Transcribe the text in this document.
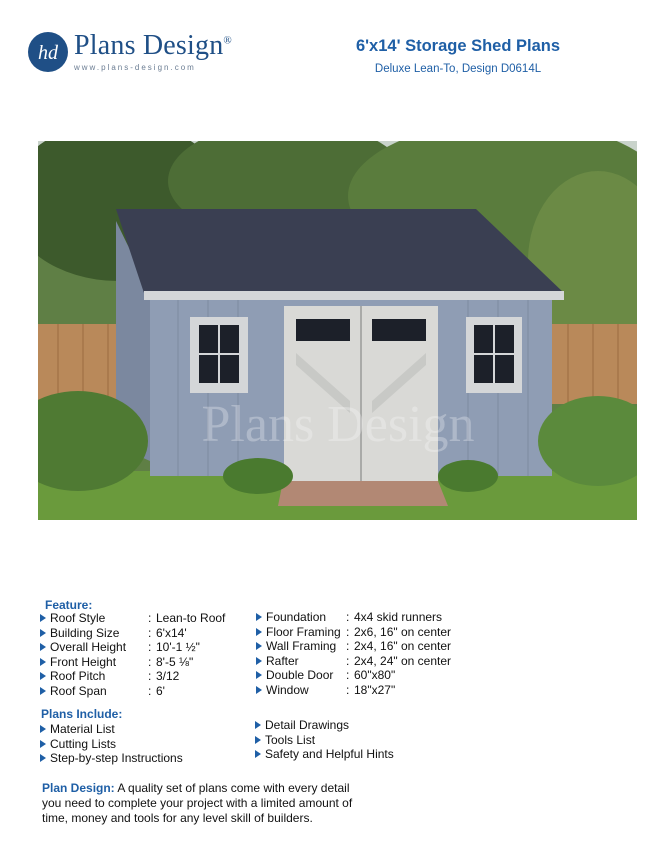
hd Plans Design®
www.plans-design.com
6'x14' Storage Shed Plans
Deluxe Lean-To, Design D0614L
Plans Design
Feature:
Roof Style	: Lean-to Roof
Building Size : 6'x14'
Overall Height : 10'-1 ½"
Front Height	: 8'-5 ⅛"
Roof Pitch	: 3/12
Roof Span	: 6'
Foundation : 4x4 skid runners
Floor Framing : 2x6, 16" on center
Wall Framing : 2x4, 16" on center
Rafter	: 2x4, 24" on center
Double Door : 60"x80"
Window	: 18"x27"
Plans Include:
Material List
Cutting Lists
Step-by-step Instructions
Detail Drawings
Tools List
Safety and Helpful Hints
Plan Design: A quality set of plans come with every detail you need to complete your project with a limited amount of time, money and tools for any level skill of builders.
